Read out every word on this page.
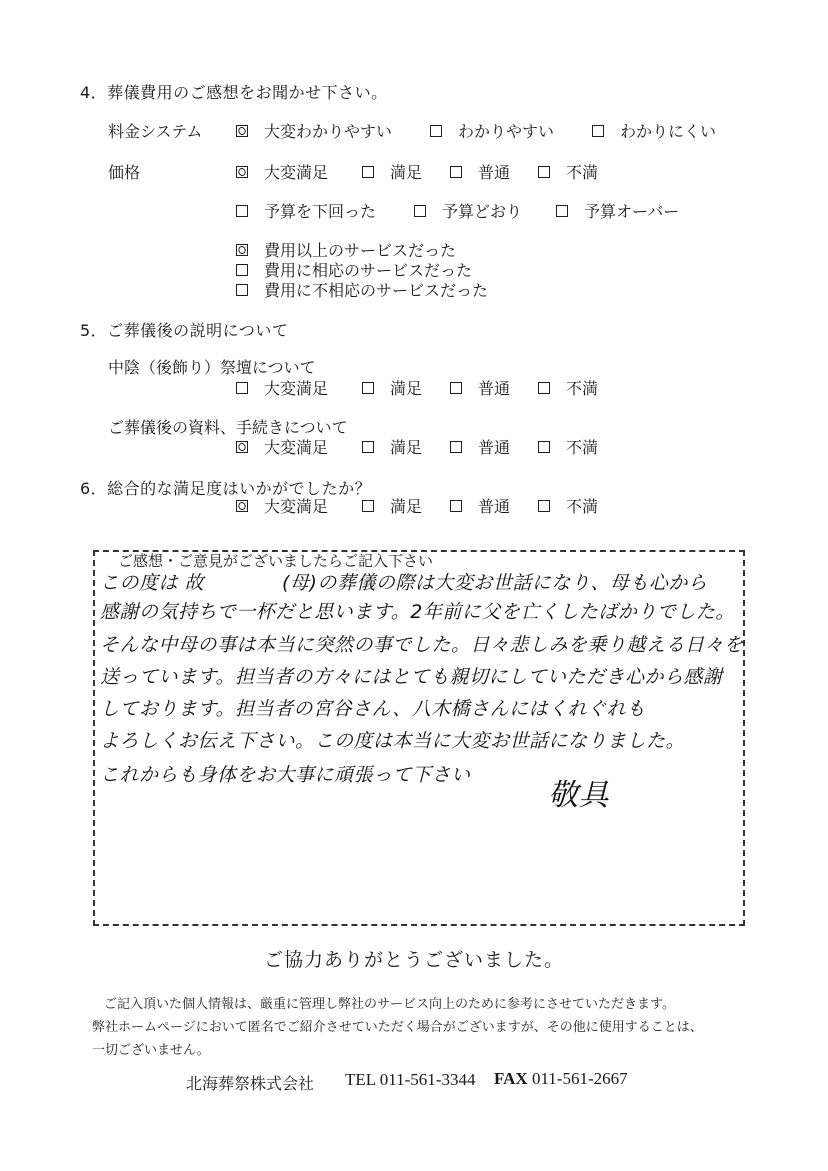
4．葬儀費用のご感想をお聞かせ下さい。
料金システム	大変わかりやすい	わかりやすい	わかりにくい
価格	大変満足	満足	普通	不満
予算を下回った	予算どおり	予算オーバー
費用以上のサービスだった
費用に相応のサービスだった
費用に不相応のサービスだった
5．ご葬儀後の説明について
中陰（後飾り）祭壇について
大変満足	満足	普通	不満
ご葬儀後の資料、手続きについて
大変満足	満足	普通	不満
6．総合的な満足度はいかがでしたか？
大変満足	満足	普通	不満
ご感想・ご意見がございましたらご記入下さい
この度は 故　　　　(母)の葬儀の際は大変お世話になり、母も心から
感謝の気持ちで一杯だと思います。2年前に父を亡くしたばかりでした。
そんな中母の事は本当に突然の事でした。日々悲しみを乗り越える日々を
送っています。担当者の方々にはとても親切にしていただき心から感謝
しております。担当者の宮谷さん、八木橋さんにはくれぐれも
よろしくお伝え下さい。この度は本当に大変お世話になりました。
これからも身体をお大事に頑張って下さい
敬具
ご協力ありがとうございました。
ご記入頂いた個人情報は、厳重に管理し弊社のサービス向上のために参考にさせていただきます。
弊社ホームページにおいて匿名でご紹介させていただく場合がございますが、その他に使用することは、
一切ございません。
北海葬祭株式会社 TEL 011-561-3344 FAX 011-561-2667
